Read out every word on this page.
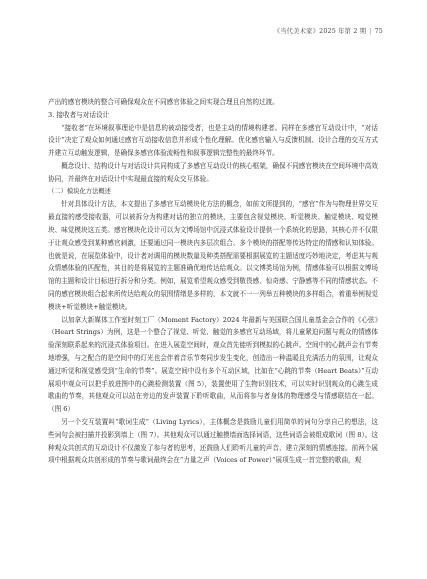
《当代美术家》2025 年第 2 期 | 75

产出的感官模块的整合可确保观众在不同感官体验之间实现合理且自然的过渡。

3. 接收者与对话设计

“接收者”在环境叙事理论中是信息的被动接受者，也是主动的情境构建者。同样在多感官互动设计中，“对话设计”决定了观众如何通过感官互动接收信息并形成个性化理解。优化感官输入与反馈机制、设计合理的交互方式并建立互动触发逻辑，是确保多感官体验流畅性和叙事逻辑完整性的最终环节。

概念设计、结构设计与对话设计共同构成了多感官互动设计的核心框架，确保不同感官模块在空间环境中高效协同，并最终在对话设计中实现最直接的观众交互体验。

（二）模块化方法概述

针对具体设计方法，本文提出了多感官互动模块化方法的概念，如前文所提到的，“感官”作为与物理世界交互最直接的感受接收器，可以被拆分为构建对话的独立的模块，主要包含视觉模块、听觉模块、触觉模块、嗅觉模块、味觉模块这五类。感官模块化设计可以为文博场馆中沉浸式体验设计提供一个系统化的思路，其核心并不仅限于让观众感受到某种感官刺激，还要通过同一模块内多层次组合、多个模块的搭配等传达特定的情感和认知体验。也就是说，在展览体验中，设计者对调用的模块数量及种类搭配需要根据展览的主题适度巧妙地决定，考虑其与观众情感体验的匹配性，其目的是将展览的主题准确优地传达给观众。以文博类场馆为例，情感体验可以根据文博场馆的主题和设计目标进行拆分和分类。例如，展览希望观众感受到敬畏感、惊奇感、宁静感等不同的情感状态。不同的感官模块组合起来所传达给观众的氛围情绪是多样的，本文就不一一列举五种模块的多样组合，着重举例视觉模块+听觉模块+触觉模块。

以加拿大新媒体工作室时刻工厂（Moment Factory）2024 年最新与美国联合国儿童基金会合作的《心弦》（Heart Strings）为例，这是一个整合了视觉、听觉、触觉的多感官互动场域，将儿童紧迫问题与观众的情感体验深刻联系起来的沉浸式体验项目。在进入展览空间时，观众首先能听到模拟的心跳声。空间中的心跳声会有节奏地增强，与之配合的是空间中的灯光也会伴着音乐节奏同步发生变化，创造出一种温暖且充满活力的氛围，让观众通过听觉和视觉感受到“生命的节奏”。展览空间中设有多个互动区域，比如在“心跳的节奏（Heart Beats）”互动展项中观众可以把手放进图中的心跳检测装置（图 5），装置使用了生物识别技术，可以实时识别观众的心跳生成歌曲的节奏，其他观众可以站在旁边的发声装置下聆听歌曲，从而将参与者身体的物理感受与情感联结在一起。（图 6）

另一个交互装置叫“歌词生成”（Living Lyrics），主体概念是鼓励儿童们用简单的词句分享自己的想法，这些词句会被扫描并投影到墙上（图 7）。其他观众可以通过触摸墙面选择词语，这些词语会被组成歌词（图 8）。这种观众共创式的互动设计不仅激发了参与者的思考，还鼓励人们聆听儿童的声音、建立深刻的情感连接。前两个展项中根据观众共创形成的节奏与歌词最终会在“力量之声（Voices of Power）”展项生成一首完整的歌曲，观
